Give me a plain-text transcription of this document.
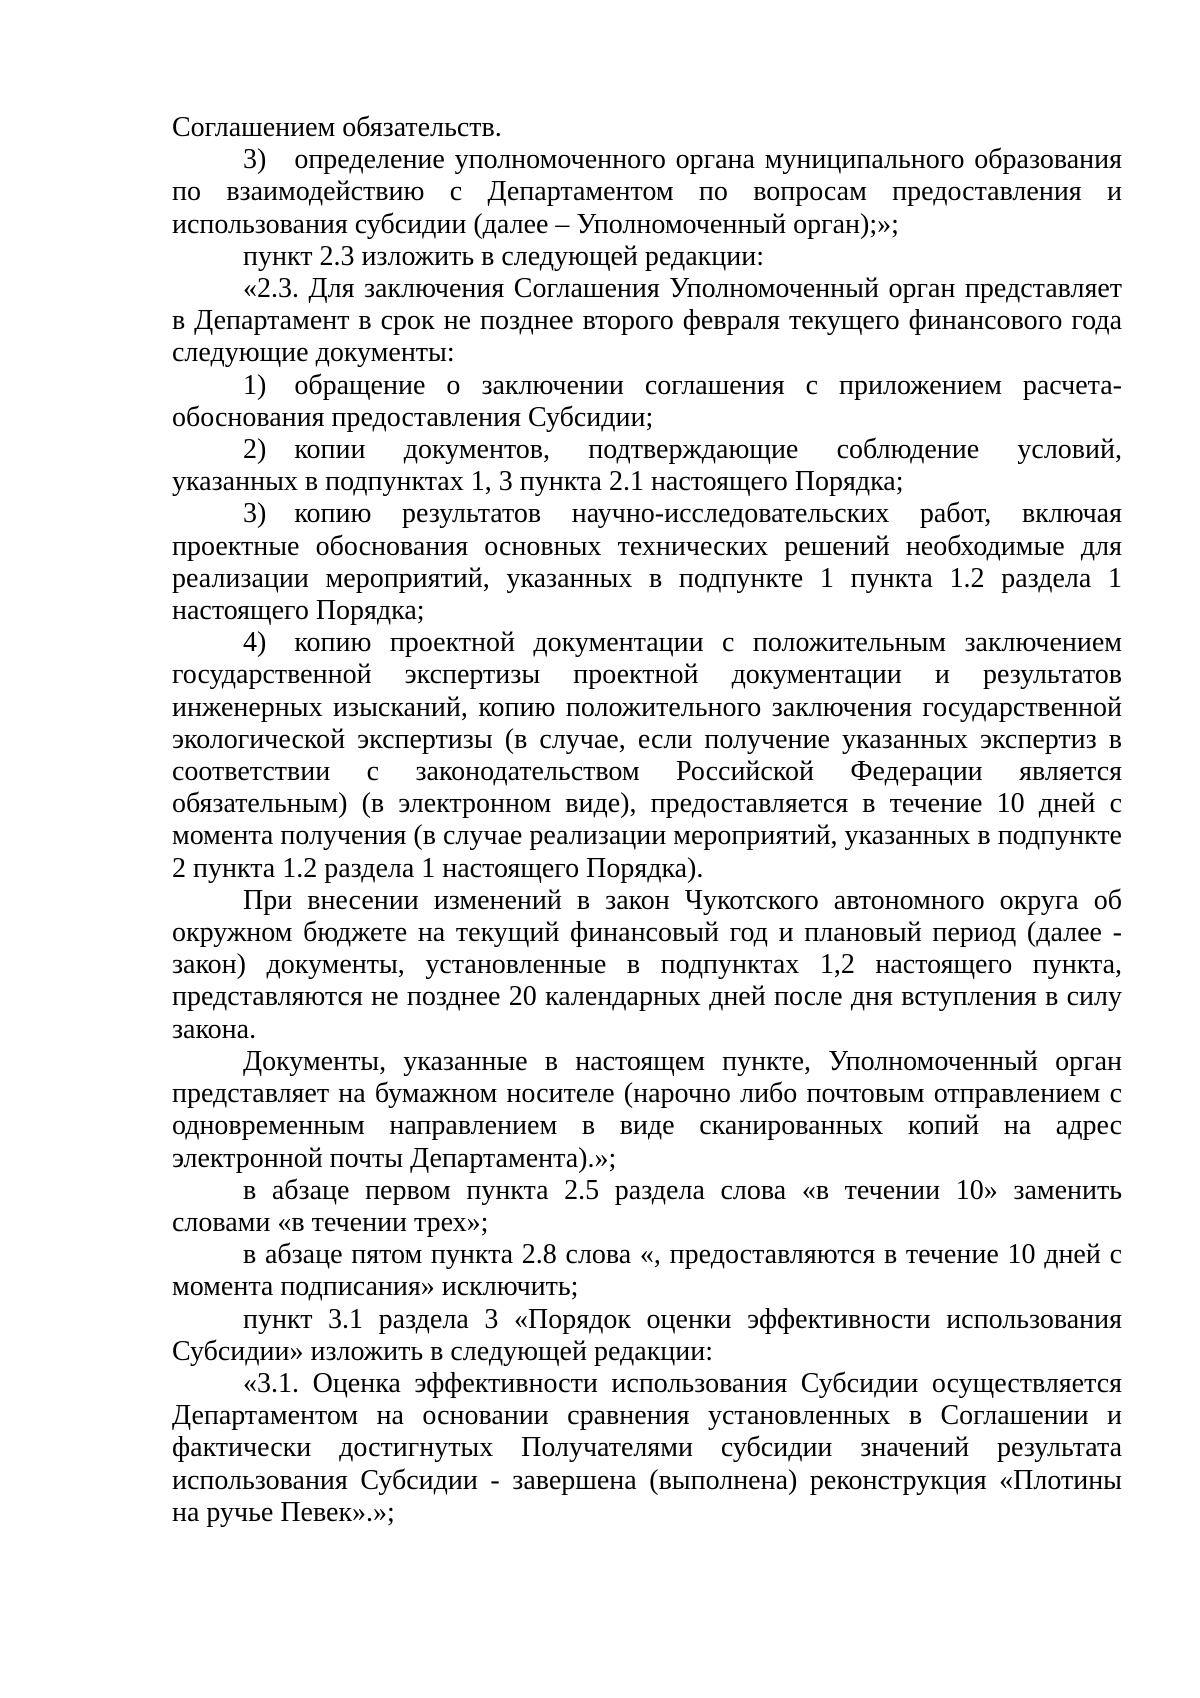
Соглашением обязательств.

3) определение уполномоченного органа муниципального образования по взаимодействию с Департаментом по вопросам предоставления и использования субсидии (далее – Уполномоченный орган);»;

пункт 2.3 изложить в следующей редакции:

«2.3. Для заключения Соглашения Уполномоченный орган представляет в Департамент в срок не позднее второго февраля текущего финансового года следующие документы:

1) обращение о заключении соглашения с приложением расчета-обоснования предоставления Субсидии;

2) копии документов, подтверждающие соблюдение условий, указанных в подпунктах 1, 3 пункта 2.1 настоящего Порядка;

3) копию результатов научно-исследовательских работ, включая проектные обоснования основных технических решений необходимые для реализации мероприятий, указанных в подпункте 1 пункта 1.2 раздела 1 настоящего Порядка;

4) копию проектной документации с положительным заключением государственной экспертизы проектной документации и результатов инженерных изысканий, копию положительного заключения государственной экологической экспертизы (в случае, если получение указанных экспертиз в соответствии с законодательством Российской Федерации является обязательным) (в электронном виде), предоставляется в течение 10 дней с момента получения (в случае реализации мероприятий, указанных в подпункте 2 пункта 1.2 раздела 1 настоящего Порядка).

При внесении изменений в закон Чукотского автономного округа об окружном бюджете на текущий финансовый год и плановый период (далее - закон) документы, установленные в подпунктах 1,2 настоящего пункта, представляются не позднее 20 календарных дней после дня вступления в силу закона.

Документы, указанные в настоящем пункте, Уполномоченный орган представляет на бумажном носителе (нарочно либо почтовым отправлением с одновременным направлением в виде сканированных копий на адрес электронной почты Департамента).»;

в абзаце первом пункта 2.5 раздела слова «в течении 10» заменить словами «в течении трех»;

в абзаце пятом пункта 2.8 слова «, предоставляются в течение 10 дней с момента подписания» исключить;

пункт 3.1 раздела 3 «Порядок оценки эффективности использования Субсидии» изложить в следующей редакции:

«3.1. Оценка эффективности использования Субсидии осуществляется Департаментом на основании сравнения установленных в Соглашении и фактически достигнутых Получателями субсидии значений результата использования Субсидии - завершена (выполнена) реконструкция «Плотины на ручье Певек».»;
